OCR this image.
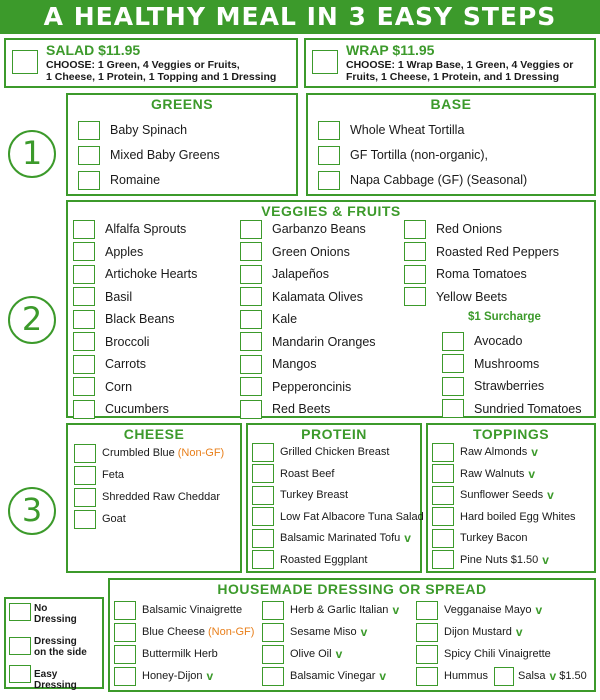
A HEALTHY MEAL IN 3 EASY STEPS
SALAD $11.95
CHOOSE: 1 Green, 4 Veggies or Fruits,
1 Cheese, 1 Protein, 1 Topping and 1 Dressing
WRAP $11.95
CHOOSE: 1 Wrap Base, 1 Green, 4 Veggies or
Fruits, 1 Cheese, 1 Protein, and 1 Dressing
1
2
3
GREENS
Baby Spinach
Mixed Baby Greens
Romaine
BASE
Whole Wheat Tortilla
GF Tortilla (non-organic),
Napa Cabbage (GF) (Seasonal)
VEGGIES & FRUITS
Alfalfa Sprouts
Apples
Artichoke Hearts
Basil
Black Beans
Broccoli
Carrots
Corn
Cucumbers
Garbanzo Beans
Green Onions
Jalapeños
Kalamata Olives
Kale
Mandarin Oranges
Mangos
Pepperoncinis
Red Beets
Red Onions
Roasted Red Peppers
Roma Tomatoes
Yellow Beets
$1 Surcharge
Avocado
Mushrooms
Strawberries
Sundried Tomatoes
CHEESE
Crumbled Blue (Non-GF)
Feta
Shredded Raw Cheddar
Goat
PROTEIN
Grilled Chicken Breast
Roast Beef
Turkey Breast
Low Fat Albacore Tuna Salad
Balsamic Marinated Tofu v
Roasted Eggplant
TOPPINGS
Raw Almonds v
Raw Walnuts v
Sunflower Seeds v
Hard boiled Egg Whites
Turkey Bacon
Pine Nuts $1.50 v
No
Dressing
Dressing
on the side
Easy Dressing
HOUSEMADE DRESSING OR SPREAD
Balsamic Vinaigrette
Blue Cheese (Non-GF)
Buttermilk Herb
Honey-Dijon v
Herb & Garlic Italian v
Sesame Miso v
Olive Oil v
Balsamic Vinegar v
Vegganaise Mayo v
Dijon Mustard v
Spicy Chili Vinaigrette
Hummus	Salsa v $1.50
